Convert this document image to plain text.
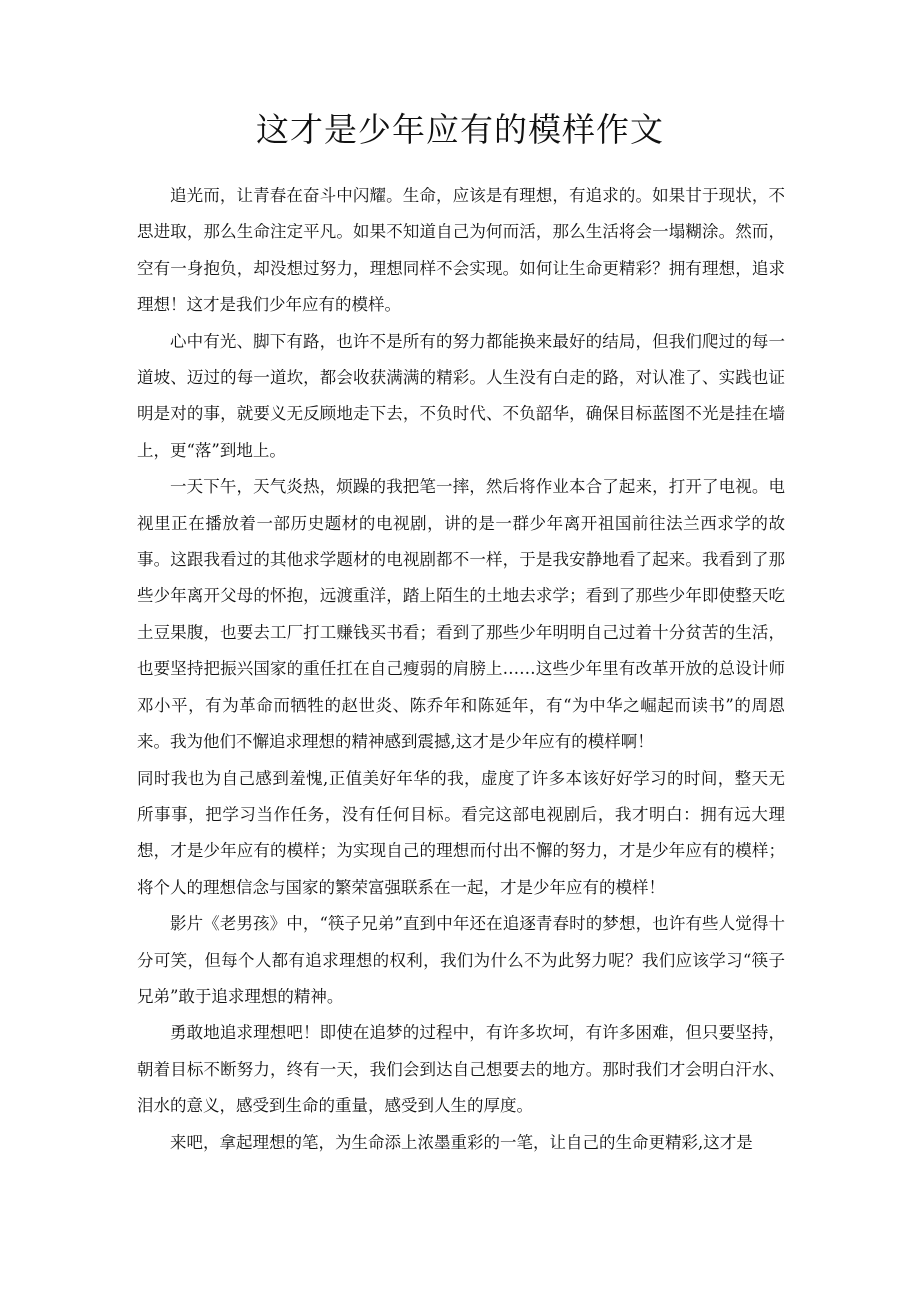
这才是少年应有的模样作文

追光而，让青春在奋斗中闪耀。生命，应该是有理想，有追求的。如果甘于现状，不思进取，那么生命注定平凡。如果不知道自己为何而活，那么生活将会一塌糊涂。然而，空有一身抱负，却没想过努力，理想同样不会实现。如何让生命更精彩？拥有理想，追求理想！这才是我们少年应有的模样。

心中有光、脚下有路，也许不是所有的努力都能换来最好的结局，但我们爬过的每一道坡、迈过的每一道坎，都会收获满满的精彩。人生没有白走的路，对认准了、实践也证明是对的事，就要义无反顾地走下去，不负时代、不负韶华，确保目标蓝图不光是挂在墙上，更“落”到地上。

一天下午，天气炎热，烦躁的我把笔一摔，然后将作业本合了起来，打开了电视。电视里正在播放着一部历史题材的电视剧，讲的是一群少年离开祖国前往法兰西求学的故事。这跟我看过的其他求学题材的电视剧都不一样，于是我安静地看了起来。我看到了那些少年离开父母的怀抱，远渡重洋，踏上陌生的土地去求学；看到了那些少年即使整天吃土豆果腹，也要去工厂打工赚钱买书看；看到了那些少年明明自己过着十分贫苦的生活，也要坚持把振兴国家的重任扛在自己瘦弱的肩膀上……这些少年里有改革开放的总设计师邓小平，有为革命而牺牲的赵世炎、陈乔年和陈延年，有“为中华之崛起而读书”的周恩来。我为他们不懈追求理想的精神感到震撼,这才是少年应有的模样啊！

同时我也为自己感到羞愧,正值美好年华的我，虚度了许多本该好好学习的时间，整天无所事事，把学习当作任务，没有任何目标。看完这部电视剧后，我才明白：拥有远大理想，才是少年应有的模样；为实现自己的理想而付出不懈的努力，才是少年应有的模样；将个人的理想信念与国家的繁荣富强联系在一起，才是少年应有的模样！

影片《老男孩》中，“筷子兄弟”直到中年还在追逐青春时的梦想，也许有些人觉得十分可笑，但每个人都有追求理想的权利，我们为什么不为此努力呢？我们应该学习“筷子兄弟”敢于追求理想的精神。

勇敢地追求理想吧！即使在追梦的过程中，有许多坎坷，有许多困难，但只要坚持，朝着目标不断努力，终有一天，我们会到达自己想要去的地方。那时我们才会明白汗水、泪水的意义，感受到生命的重量，感受到人生的厚度。

来吧，拿起理想的笔，为生命添上浓墨重彩的一笔，让自己的生命更精彩,这才是
